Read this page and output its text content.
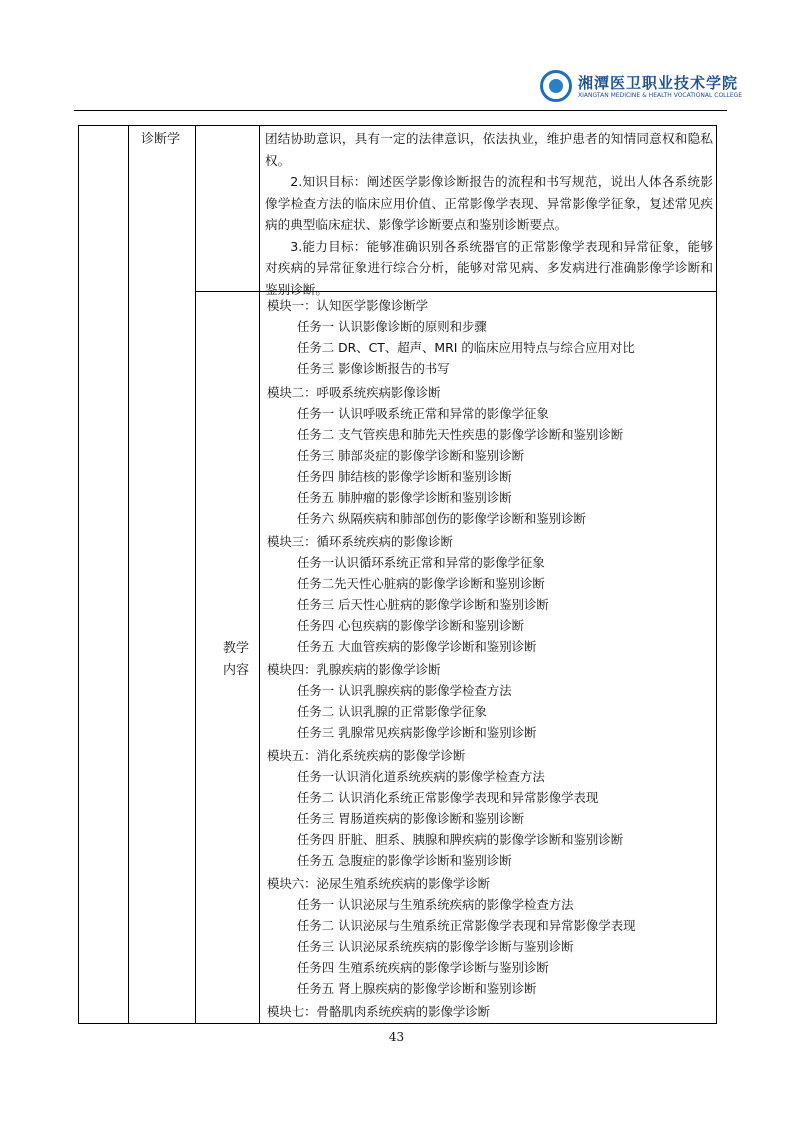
湘潭医卫职业技术学院
XIANGTAN MEDICINE & HEALTH VOCATIONAL COLLEGE
诊断学	团结协助意识，具有一定的法律意识，依法执业，维护患者的知情同意权和隐私权。

2.知识目标：阐述医学影像诊断报告的流程和书写规范，说出人体各系统影像学检查方法的临床应用价值、正常影像学表现、异常影像学征象，复述常见疾病的典型临床症状、影像学诊断要点和鉴别诊断要点。

3.能力目标：能够准确识别各系统器官的正常影像学表现和异常征象，能够对疾病的异常征象进行综合分析，能够对常见病、多发病进行准确影像学诊断和鉴别诊断。

教学
内容
模块一：认知医学影像诊断学
任务一 认识影像诊断的原则和步骤
任务二 DR、CT、超声、MRI 的临床应用特点与综合应用对比
任务三 影像诊断报告的书写
模块二：呼吸系统疾病影像诊断
任务一 认识呼吸系统正常和异常的影像学征象
任务二 支气管疾患和肺先天性疾患的影像学诊断和鉴别诊断
任务三 肺部炎症的影像学诊断和鉴别诊断
任务四 肺结核的影像学诊断和鉴别诊断
任务五 肺肿瘤的影像学诊断和鉴别诊断
任务六 纵隔疾病和肺部创伤的影像学诊断和鉴别诊断
模块三：循环系统疾病的影像诊断
任务一认识循环系统正常和异常的影像学征象
任务二先天性心脏病的影像学诊断和鉴别诊断
任务三 后天性心脏病的影像学诊断和鉴别诊断
任务四 心包疾病的影像学诊断和鉴别诊断
任务五 大血管疾病的影像学诊断和鉴别诊断
模块四：乳腺疾病的影像学诊断
任务一 认识乳腺疾病的影像学检查方法
任务二 认识乳腺的正常影像学征象
任务三 乳腺常见疾病影像学诊断和鉴别诊断
模块五：消化系统疾病的影像学诊断
任务一认识消化道系统疾病的影像学检查方法
任务二 认识消化系统正常影像学表现和异常影像学表现
任务三 胃肠道疾病的影像诊断和鉴别诊断
任务四 肝脏、胆系、胰腺和脾疾病的影像学诊断和鉴别诊断
任务五 急腹症的影像学诊断和鉴别诊断
模块六：泌尿生殖系统疾病的影像学诊断
任务一 认识泌尿与生殖系统疾病的影像学检查方法
任务二 认识泌尿与生殖系统正常影像学表现和异常影像学表现
任务三 认识泌尿系统疾病的影像学诊断与鉴别诊断
任务四 生殖系统疾病的影像学诊断与鉴别诊断
任务五 肾上腺疾病的影像学诊断和鉴别诊断
模块七：骨骼肌肉系统疾病的影像学诊断
43
